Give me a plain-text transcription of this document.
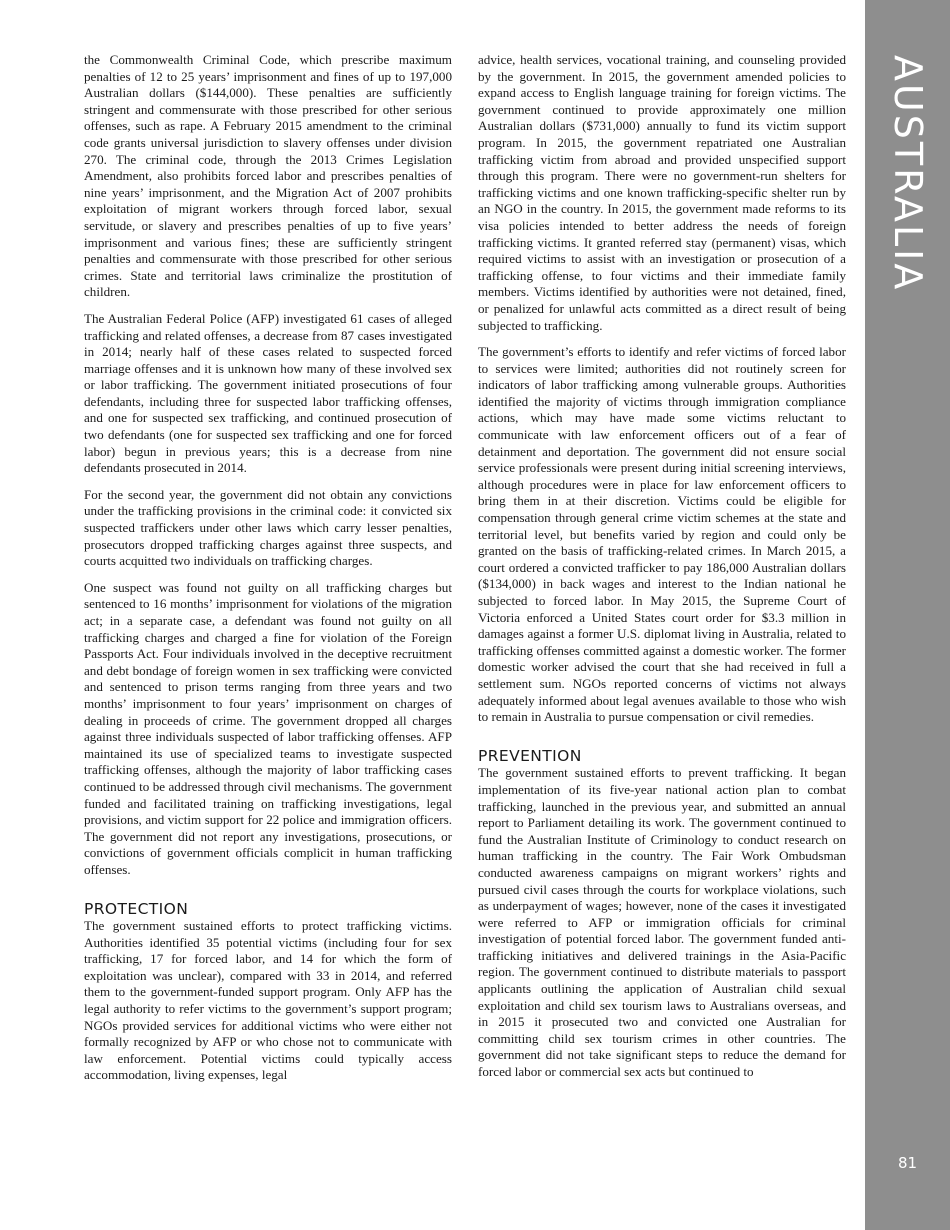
the Commonwealth Criminal Code, which prescribe maximum penalties of 12 to 25 years’ imprisonment and fines of up to 197,000 Australian dollars ($144,000). These penalties are sufficiently stringent and commensurate with those prescribed for other serious offenses, such as rape. A February 2015 amendment to the criminal code grants universal jurisdiction to slavery offenses under division 270. The criminal code, through the 2013 Crimes Legislation Amendment, also prohibits forced labor and prescribes penalties of nine years’ imprisonment, and the Migration Act of 2007 prohibits exploitation of migrant workers through forced labor, sexual servitude, or slavery and prescribes penalties of up to five years’ imprisonment and various fines; these are sufficiently stringent penalties and commensurate with those prescribed for other serious crimes. State and territorial laws criminalize the prostitution of children.

The Australian Federal Police (AFP) investigated 61 cases of alleged trafficking and related offenses, a decrease from 87 cases investigated in 2014; nearly half of these cases related to suspected forced marriage offenses and it is unknown how many of these involved sex or labor trafficking. The government initiated prosecutions of four defendants, including three for suspected labor trafficking offenses, and one for suspected sex trafficking, and continued prosecution of two defendants (one for suspected sex trafficking and one for forced labor) begun in previous years; this is a decrease from nine defendants prosecuted in 2014.

For the second year, the government did not obtain any convictions under the trafficking provisions in the criminal code: it convicted six suspected traffickers under other laws which carry lesser penalties, prosecutors dropped trafficking charges against three suspects, and courts acquitted two individuals on trafficking charges.

One suspect was found not guilty on all trafficking charges but sentenced to 16 months’ imprisonment for violations of the migration act; in a separate case, a defendant was found not guilty on all trafficking charges and charged a fine for violation of the Foreign Passports Act. Four individuals involved in the deceptive recruitment and debt bondage of foreign women in sex trafficking were convicted and sentenced to prison terms ranging from three years and two months’ imprisonment to four years’ imprisonment on charges of dealing in proceeds of crime. The government dropped all charges against three individuals suspected of labor trafficking offenses. AFP maintained its use of specialized teams to investigate suspected trafficking offenses, although the majority of labor trafficking cases continued to be addressed through civil mechanisms. The government funded and facilitated training on trafficking investigations, legal provisions, and victim support for 22 police and immigration officers. The government did not report any investigations, prosecutions, or convictions of government officials complicit in human trafficking offenses.

PROTECTION

The government sustained efforts to protect trafficking victims. Authorities identified 35 potential victims (including four for sex trafficking, 17 for forced labor, and 14 for which the form of exploitation was unclear), compared with 33 in 2014, and referred them to the government-funded support program. Only AFP has the legal authority to refer victims to the government’s support program; NGOs provided services for additional victims who were either not formally recognized by AFP or who chose not to communicate with law enforcement. Potential victims could typically access accommodation, living expenses, legal

advice, health services, vocational training, and counseling provided by the government. In 2015, the government amended policies to expand access to English language training for foreign victims. The government continued to provide approximately one million Australian dollars ($731,000) annually to fund its victim support program. In 2015, the government repatriated one Australian trafficking victim from abroad and provided unspecified support through this program. There were no government-run shelters for trafficking victims and one known trafficking-specific shelter run by an NGO in the country. In 2015, the government made reforms to its visa policies intended to better address the needs of foreign trafficking victims. It granted referred stay (permanent) visas, which required victims to assist with an investigation or prosecution of a trafficking offense, to four victims and their immediate family members. Victims identified by authorities were not detained, fined, or penalized for unlawful acts committed as a direct result of being subjected to trafficking.

The government’s efforts to identify and refer victims of forced labor to services were limited; authorities did not routinely screen for indicators of labor trafficking among vulnerable groups. Authorities identified the majority of victims through immigration compliance actions, which may have made some victims reluctant to communicate with law enforcement officers out of a fear of detainment and deportation. The government did not ensure social service professionals were present during initial screening interviews, although procedures were in place for law enforcement officers to bring them in at their discretion. Victims could be eligible for compensation through general crime victim schemes at the state and territorial level, but benefits varied by region and could only be granted on the basis of trafficking-related crimes. In March 2015, a court ordered a convicted trafficker to pay 186,000 Australian dollars ($134,000) in back wages and interest to the Indian national he subjected to forced labor. In May 2015, the Supreme Court of Victoria enforced a United States court order for $3.3 million in damages against a former U.S. diplomat living in Australia, related to trafficking offenses committed against a domestic worker. The former domestic worker advised the court that she had received in full a settlement sum. NGOs reported concerns of victims not always adequately informed about legal avenues available to those who wish to remain in Australia to pursue compensation or civil remedies.

PREVENTION

The government sustained efforts to prevent trafficking. It began implementation of its five-year national action plan to combat trafficking, launched in the previous year, and submitted an annual report to Parliament detailing its work. The government continued to fund the Australian Institute of Criminology to conduct research on human trafficking in the country. The Fair Work Ombudsman conducted awareness campaigns on migrant workers’ rights and pursued civil cases through the courts for workplace violations, such as underpayment of wages; however, none of the cases it investigated were referred to AFP or immigration officials for criminal investigation of potential forced labor. The government funded anti-trafficking initiatives and delivered trainings in the Asia-Pacific region. The government continued to distribute materials to passport applicants outlining the application of Australian child sexual exploitation and child sex tourism laws to Australians overseas, and in 2015 it prosecuted two and convicted one Australian for committing child sex tourism crimes in other countries. The government did not take significant steps to reduce the demand for forced labor or commercial sex acts but continued to

AUSTRALIA
81
